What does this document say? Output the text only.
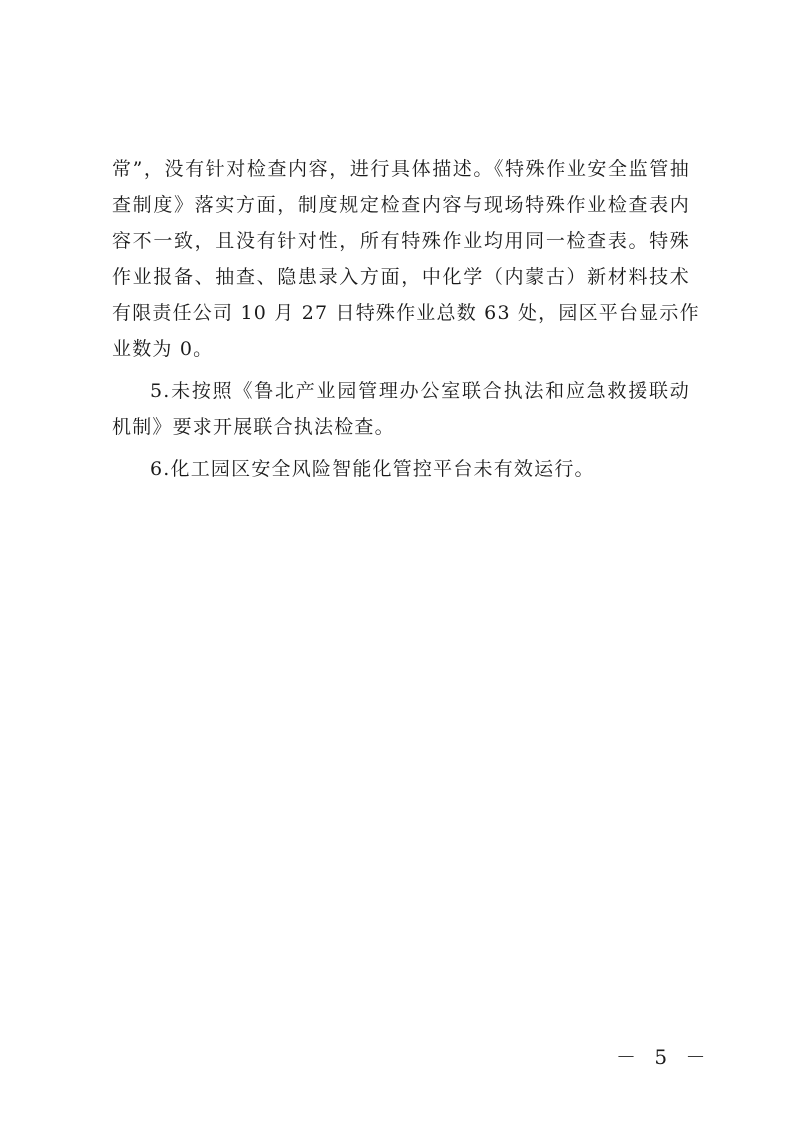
常”，没有针对检查内容，进行具体描述。《特殊作业安全监管抽
查制度》落实方面，制度规定检查内容与现场特殊作业检查表内
容不一致，且没有针对性，所有特殊作业均用同一检查表。特殊
作业报备、抽查、隐患录入方面，中化学（内蒙古）新材料技术
有限责任公司 10 月 27 日特殊作业总数 63 处，园区平台显示作
业数为 0。

5.未按照《鲁北产业园管理办公室联合执法和应急救援联动
机制》要求开展联合执法检查。

6.化工园区安全风险智能化管控平台未有效运行。

－ 5 －
